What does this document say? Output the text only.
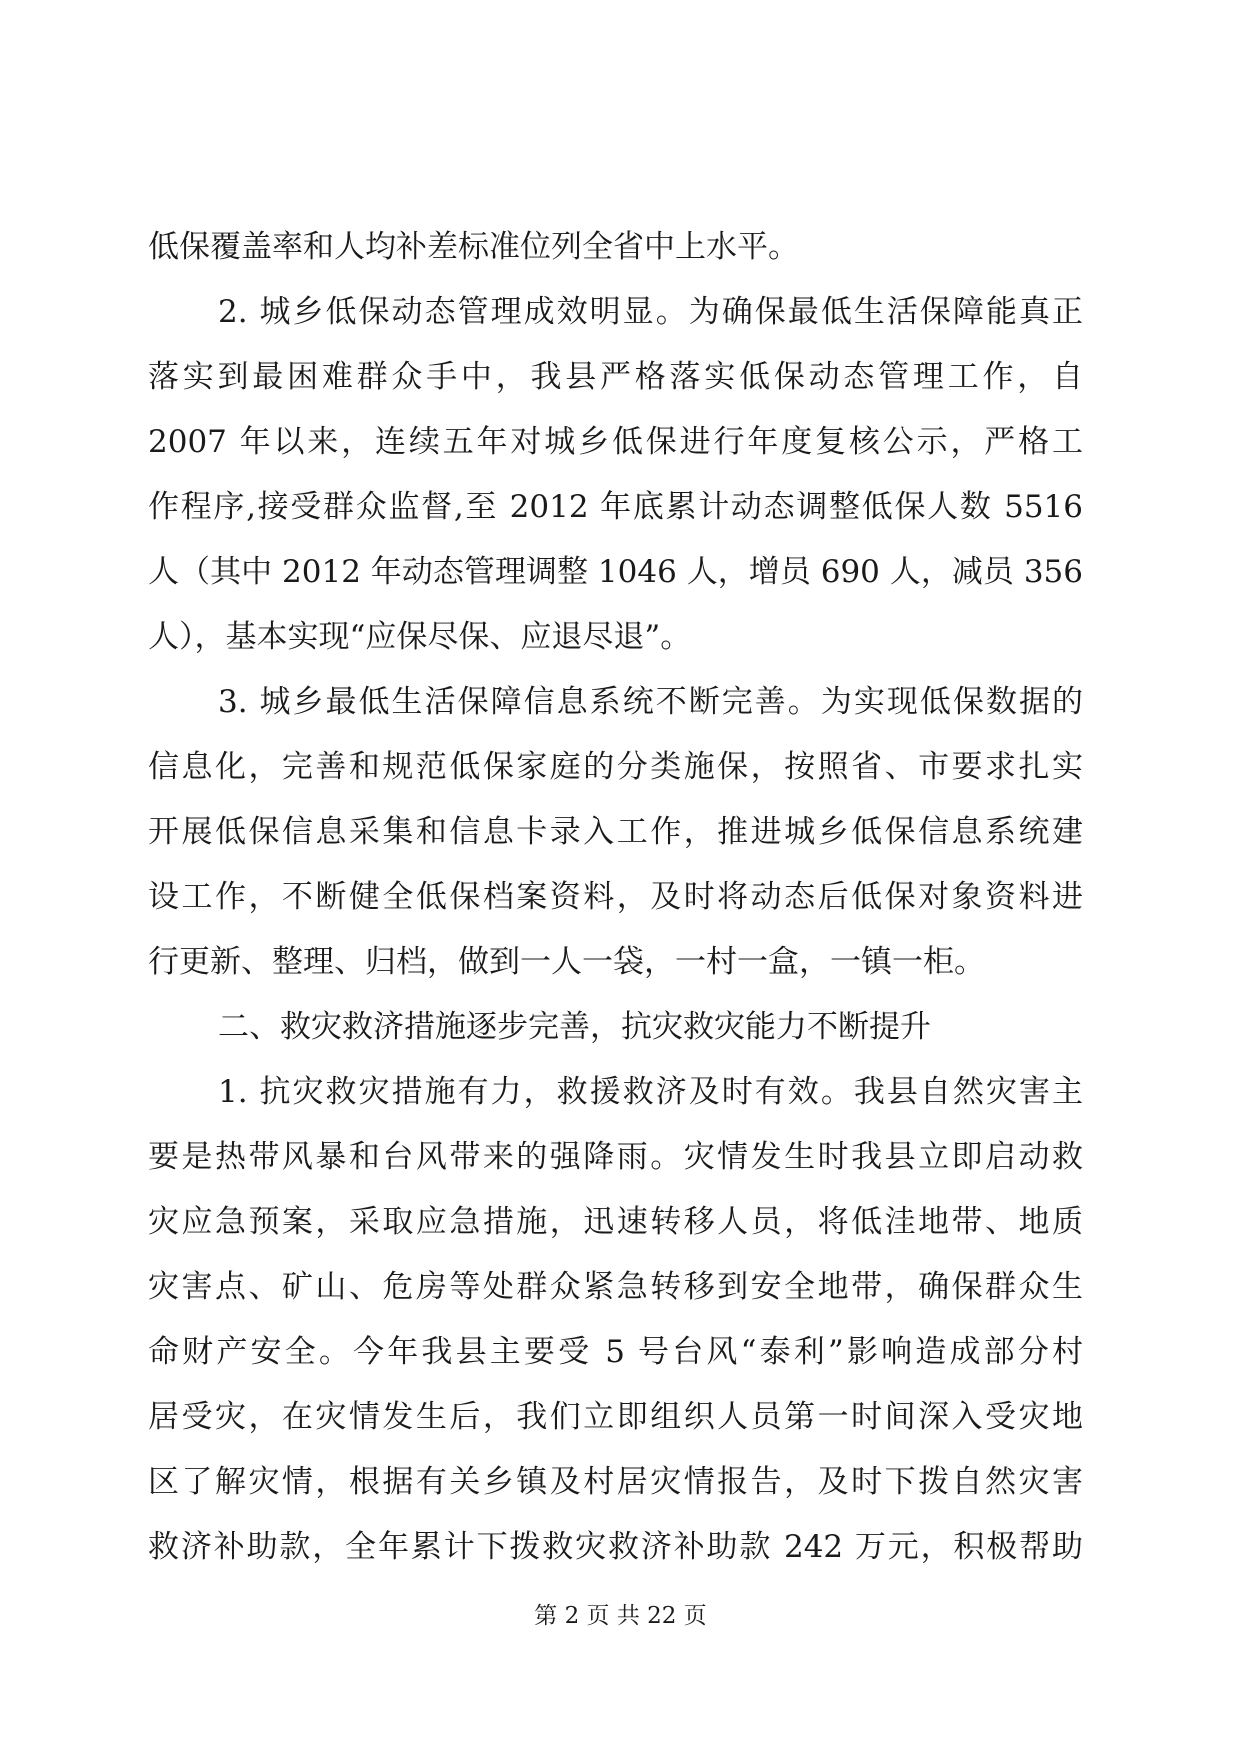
低保覆盖率和人均补差标准位列全省中上水平。
2. 城乡低保动态管理成效明显。为确保最低生活保障能真正
落实到最困难群众手中，我县严格落实低保动态管理工作，自
2007 年以来，连续五年对城乡低保进行年度复核公示，严格工
作程序,接受群众监督,至 2012 年底累计动态调整低保人数 5516
人（其中 2012 年动态管理调整 1046 人，增员 690 人，减员 356
人），基本实现“应保尽保、应退尽退”。
3. 城乡最低生活保障信息系统不断完善。为实现低保数据的
信息化，完善和规范低保家庭的分类施保，按照省、市要求扎实
开展低保信息采集和信息卡录入工作，推进城乡低保信息系统建
设工作，不断健全低保档案资料，及时将动态后低保对象资料进
行更新、整理、归档，做到一人一袋，一村一盒，一镇一柜。
二、救灾救济措施逐步完善，抗灾救灾能力不断提升
1. 抗灾救灾措施有力，救援救济及时有效。我县自然灾害主
要是热带风暴和台风带来的强降雨。灾情发生时我县立即启动救
灾应急预案，采取应急措施，迅速转移人员，将低洼地带、地质
灾害点、矿山、危房等处群众紧急转移到安全地带，确保群众生
命财产安全。今年我县主要受 5 号台风“泰利”影响造成部分村
居受灾，在灾情发生后，我们立即组织人员第一时间深入受灾地
区了解灾情，根据有关乡镇及村居灾情报告，及时下拨自然灾害
救济补助款，全年累计下拨救灾救济补助款 242 万元，积极帮助
第 2 页 共 22 页
